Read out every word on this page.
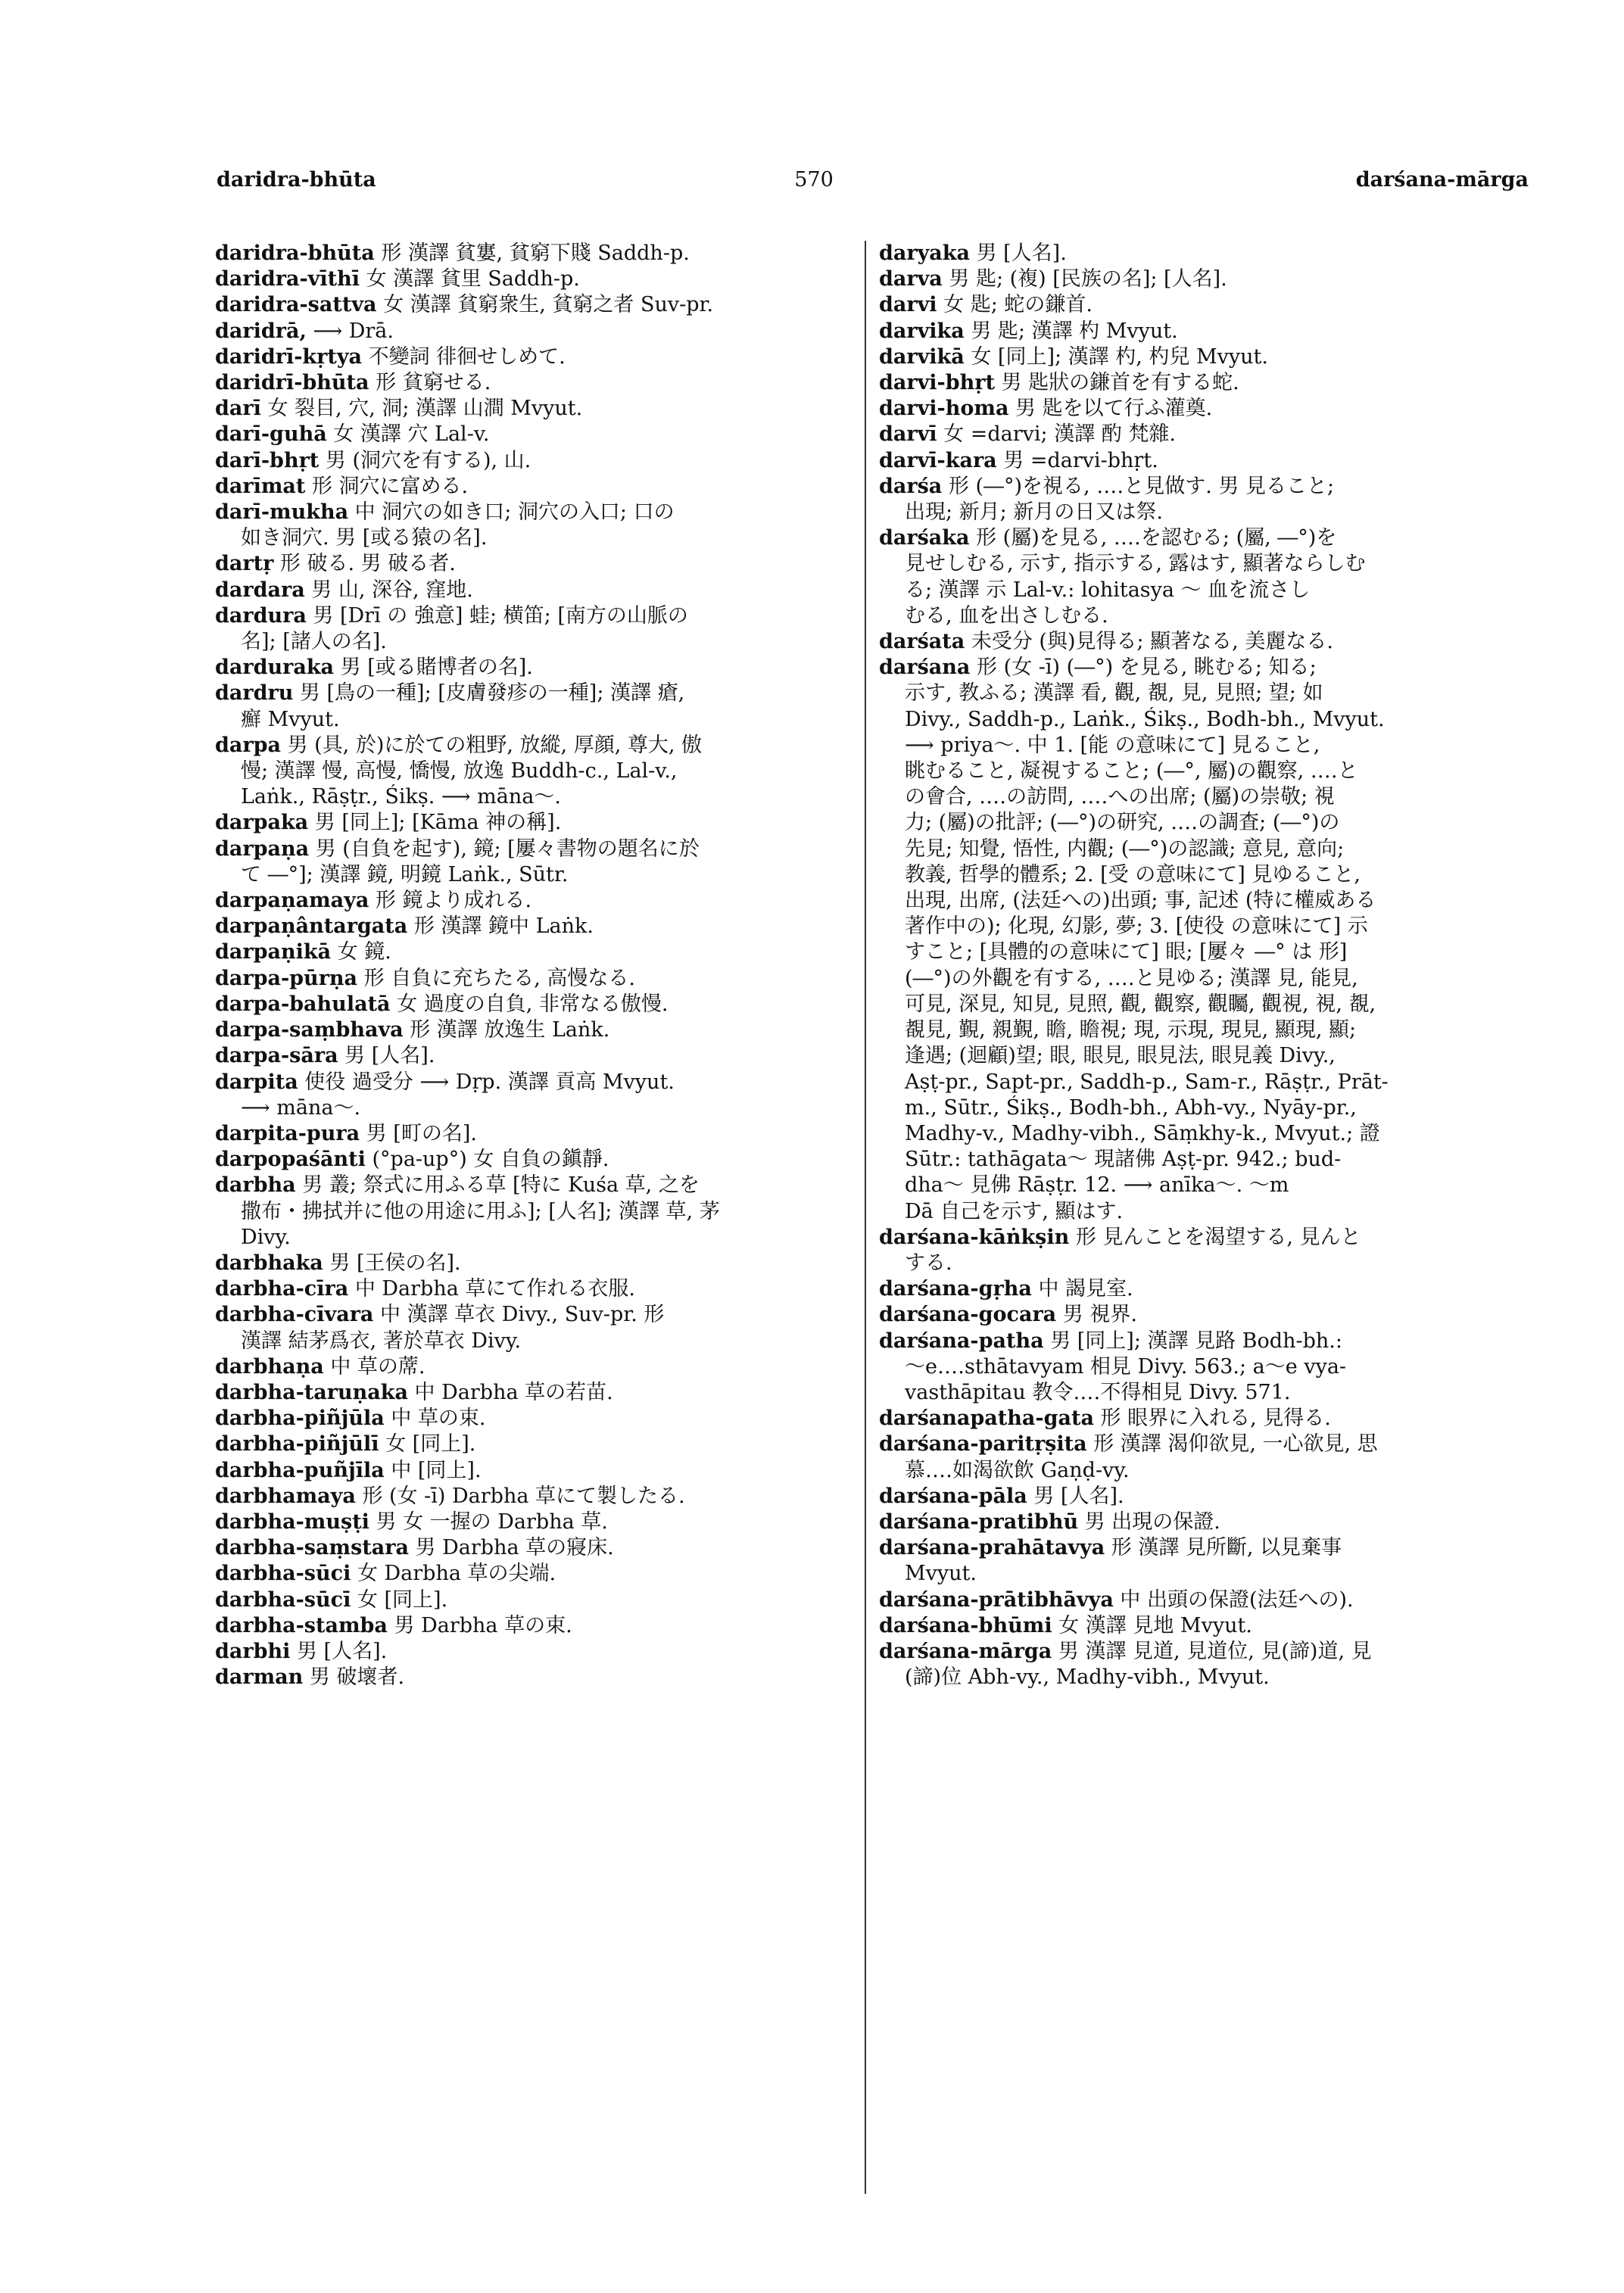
daridra-bhūta	570	darśana-mārga
daridra-bhūta 形 漢譯 貧寠, 貧窮下賤 Saddh-p.
daridra-vīthī 女 漢譯 貧里 Saddh-p.
daridra-sattva 女 漢譯 貧窮衆生, 貧窮之者 Suv-pr.
daridrā, ⟶ Drā.
daridrī-kṛtya 不變詞 徘徊せしめて.
daridrī-bhūta 形 貧窮せる.
darī 女 裂目, 穴, 洞; 漢譯 山澗 Mvyut.
darī-guhā 女 漢譯 穴 Lal-v.
darī-bhṛt 男 (洞穴を有する), 山.
darīmat 形 洞穴に富める.
darī-mukha 中 洞穴の如き口; 洞穴の入口; 口の
如き洞穴. 男 [或る猿の名].
dartṛ 形 破る. 男 破る者.
dardara 男 山, 深谷, 窪地.
dardura 男 [Drī の 強意] 蛙; 横笛; [南方の山脈の
名]; [諸人の名].
darduraka 男 [或る賭博者の名].
dardru 男 [鳥の一種]; [皮膚發疹の一種]; 漢譯 瘡,
癬 Mvyut.
darpa 男 (具, 於)に於ての粗野, 放縱, 厚顔, 尊大, 傲
慢; 漢譯 慢, 高慢, 憍慢, 放逸 Buddh-c., Lal-v.,
Laṅk., Rāṣṭr., Śikṣ. ⟶ māna～.
darpaka 男 [同上]; [Kāma 神の稱].
darpaṇa 男 (自負を起す), 鏡; [屢々書物の題名に於
て ―°]; 漢譯 鏡, 明鏡 Laṅk., Sūtr.
darpaṇamaya 形 鏡より成れる.
darpaṇântargata 形 漢譯 鏡中 Laṅk.
darpaṇikā 女 鏡.
darpa-pūrṇa 形 自負に充ちたる, 高慢なる.
darpa-bahulatā 女 過度の自負, 非常なる傲慢.
darpa-saṃbhava 形 漢譯 放逸生 Laṅk.
darpa-sāra 男 [人名].
darpita 使役 過受分 ⟶ Dṛp. 漢譯 貢高 Mvyut.
⟶ māna～.
darpita-pura 男 [町の名].
darpopaśānti (°pa-up°) 女 自負の鎭靜.
darbha 男 叢; 祭式に用ふる草 [特に Kuśa 草, 之を
撒布・拂拭并に他の用途に用ふ]; [人名]; 漢譯 草, 茅
Divy.
darbhaka 男 [王侯の名].
darbha-cīra 中 Darbha 草にて作れる衣服.
darbha-cīvara 中 漢譯 草衣 Divy., Suv-pr. 形
漢譯 結茅爲衣, 著於草衣 Divy.
darbhaṇa 中 草の蓆.
darbha-taruṇaka 中 Darbha 草の若苗.
darbha-piñjūla 中 草の束.
darbha-piñjūlī 女 [同上].
darbha-puñjīla 中 [同上].
darbhamaya 形 (女 -ī) Darbha 草にて製したる.
darbha-muṣṭi 男 女 一握の Darbha 草.
darbha-saṃstara 男 Darbha 草の寢床.
darbha-sūci 女 Darbha 草の尖端.
darbha-sūcī 女 [同上].
darbha-stamba 男 Darbha 草の束.
darbhi 男 [人名].
darman 男 破壞者.
daryaka 男 [人名].
darva 男 匙; (複) [民族の名]; [人名].
darvi 女 匙; 蛇の鎌首.
darvika 男 匙; 漢譯 杓 Mvyut.
darvikā 女 [同上]; 漢譯 杓, 杓兒 Mvyut.
darvi-bhṛt 男 匙狀の鎌首を有する蛇.
darvi-homa 男 匙を以て行ふ灌奠.
darvī 女 =darvi; 漢譯 酌 梵雜.
darvī-kara 男 =darvi-bhṛt.
darśa 形 (―°)を視る, ‥‥と見做す. 男 見ること;
出現; 新月; 新月の日又は祭.
darśaka 形 (屬)を見る, ‥‥を認むる; (屬, ―°)を
見せしむる, 示す, 指示する, 露はす, 顯著ならしむ
る; 漢譯 示 Lal-v.: lohitasya ～ 血を流さし
むる, 血を出さしむる.
darśata 未受分 (與)見得る; 顯著なる, 美麗なる.
darśana 形 (女 -ī) (―°) を見る, 眺むる; 知る;
示す, 教ふる; 漢譯 看, 觀, 覩, 見, 見照; 望; 如
Divy., Saddh-p., Laṅk., Śikṣ., Bodh-bh., Mvyut.
⟶ priya～. 中 1. [能 の意味にて] 見ること,
眺むること, 凝視すること; (―°, 屬)の觀察, ‥‥と
の會合, ‥‥の訪問, ‥‥への出席; (屬)の崇敬; 視
力; (屬)の批評; (―°)の研究, ‥‥の調査; (―°)の
先見; 知覺, 悟性, 内觀; (―°)の認識; 意見, 意向;
教義, 哲學的體系; 2. [受 の意味にて] 見ゆること,
出現, 出席, (法廷への)出頭; 事, 記述 (特に權威ある
著作中の); 化現, 幻影, 夢; 3. [使役 の意味にて] 示
すこと; [具體的の意味にて] 眼; [屢々 ―° は 形]
(―°)の外觀を有する, ‥‥と見ゆる; 漢譯 見, 能見,
可見, 深見, 知見, 見照, 觀, 觀察, 觀矚, 觀視, 視, 覩,
覩見, 覲, 親覲, 瞻, 瞻視; 現, 示現, 現見, 顯現, 顯;
逢遇; (迴顧)望; 眼, 眼見, 眼見法, 眼見義 Divy.,
Aṣṭ-pr., Sapt-pr., Saddh-p., Sam-r., Rāṣṭr., Prāt-
m., Sūtr., Śikṣ., Bodh-bh., Abh-vy., Nyāy-pr.,
Madhy-v., Madhy-vibh., Sāṃkhy-k., Mvyut.; 證
Sūtr.: tathāgata～ 現諸佛 Aṣṭ-pr. 942.; bud-
dha～ 見佛 Rāṣṭr. 12. ⟶ anīka～. ～m
Dā 自己を示す, 顯はす.
darśana-kāṅkṣin 形 見んことを渴望する, 見んと
する.
darśana-gṛha 中 謁見室.
darśana-gocara 男 視界.
darśana-patha 男 [同上]; 漢譯 見路 Bodh-bh.:
～e‥‥sthātavyam 相見 Divy. 563.; a～e vya-
vasthāpitau 教令‥‥不得相見 Divy. 571.
darśanapatha-gata 形 眼界に入れる, 見得る.
darśana-paritṛṣita 形 漢譯 渴仰欲見, 一心欲見, 思
慕‥‥如渴欲飲 Gaṇḍ-vy.
darśana-pāla 男 [人名].
darśana-pratibhū 男 出現の保證.
darśana-prahātavya 形 漢譯 見所斷, 以見棄事
Mvyut.
darśana-prātibhāvya 中 出頭の保證(法廷への).
darśana-bhūmi 女 漢譯 見地 Mvyut.
darśana-mārga 男 漢譯 見道, 見道位, 見(諦)道, 見
(諦)位 Abh-vy., Madhy-vibh., Mvyut.
